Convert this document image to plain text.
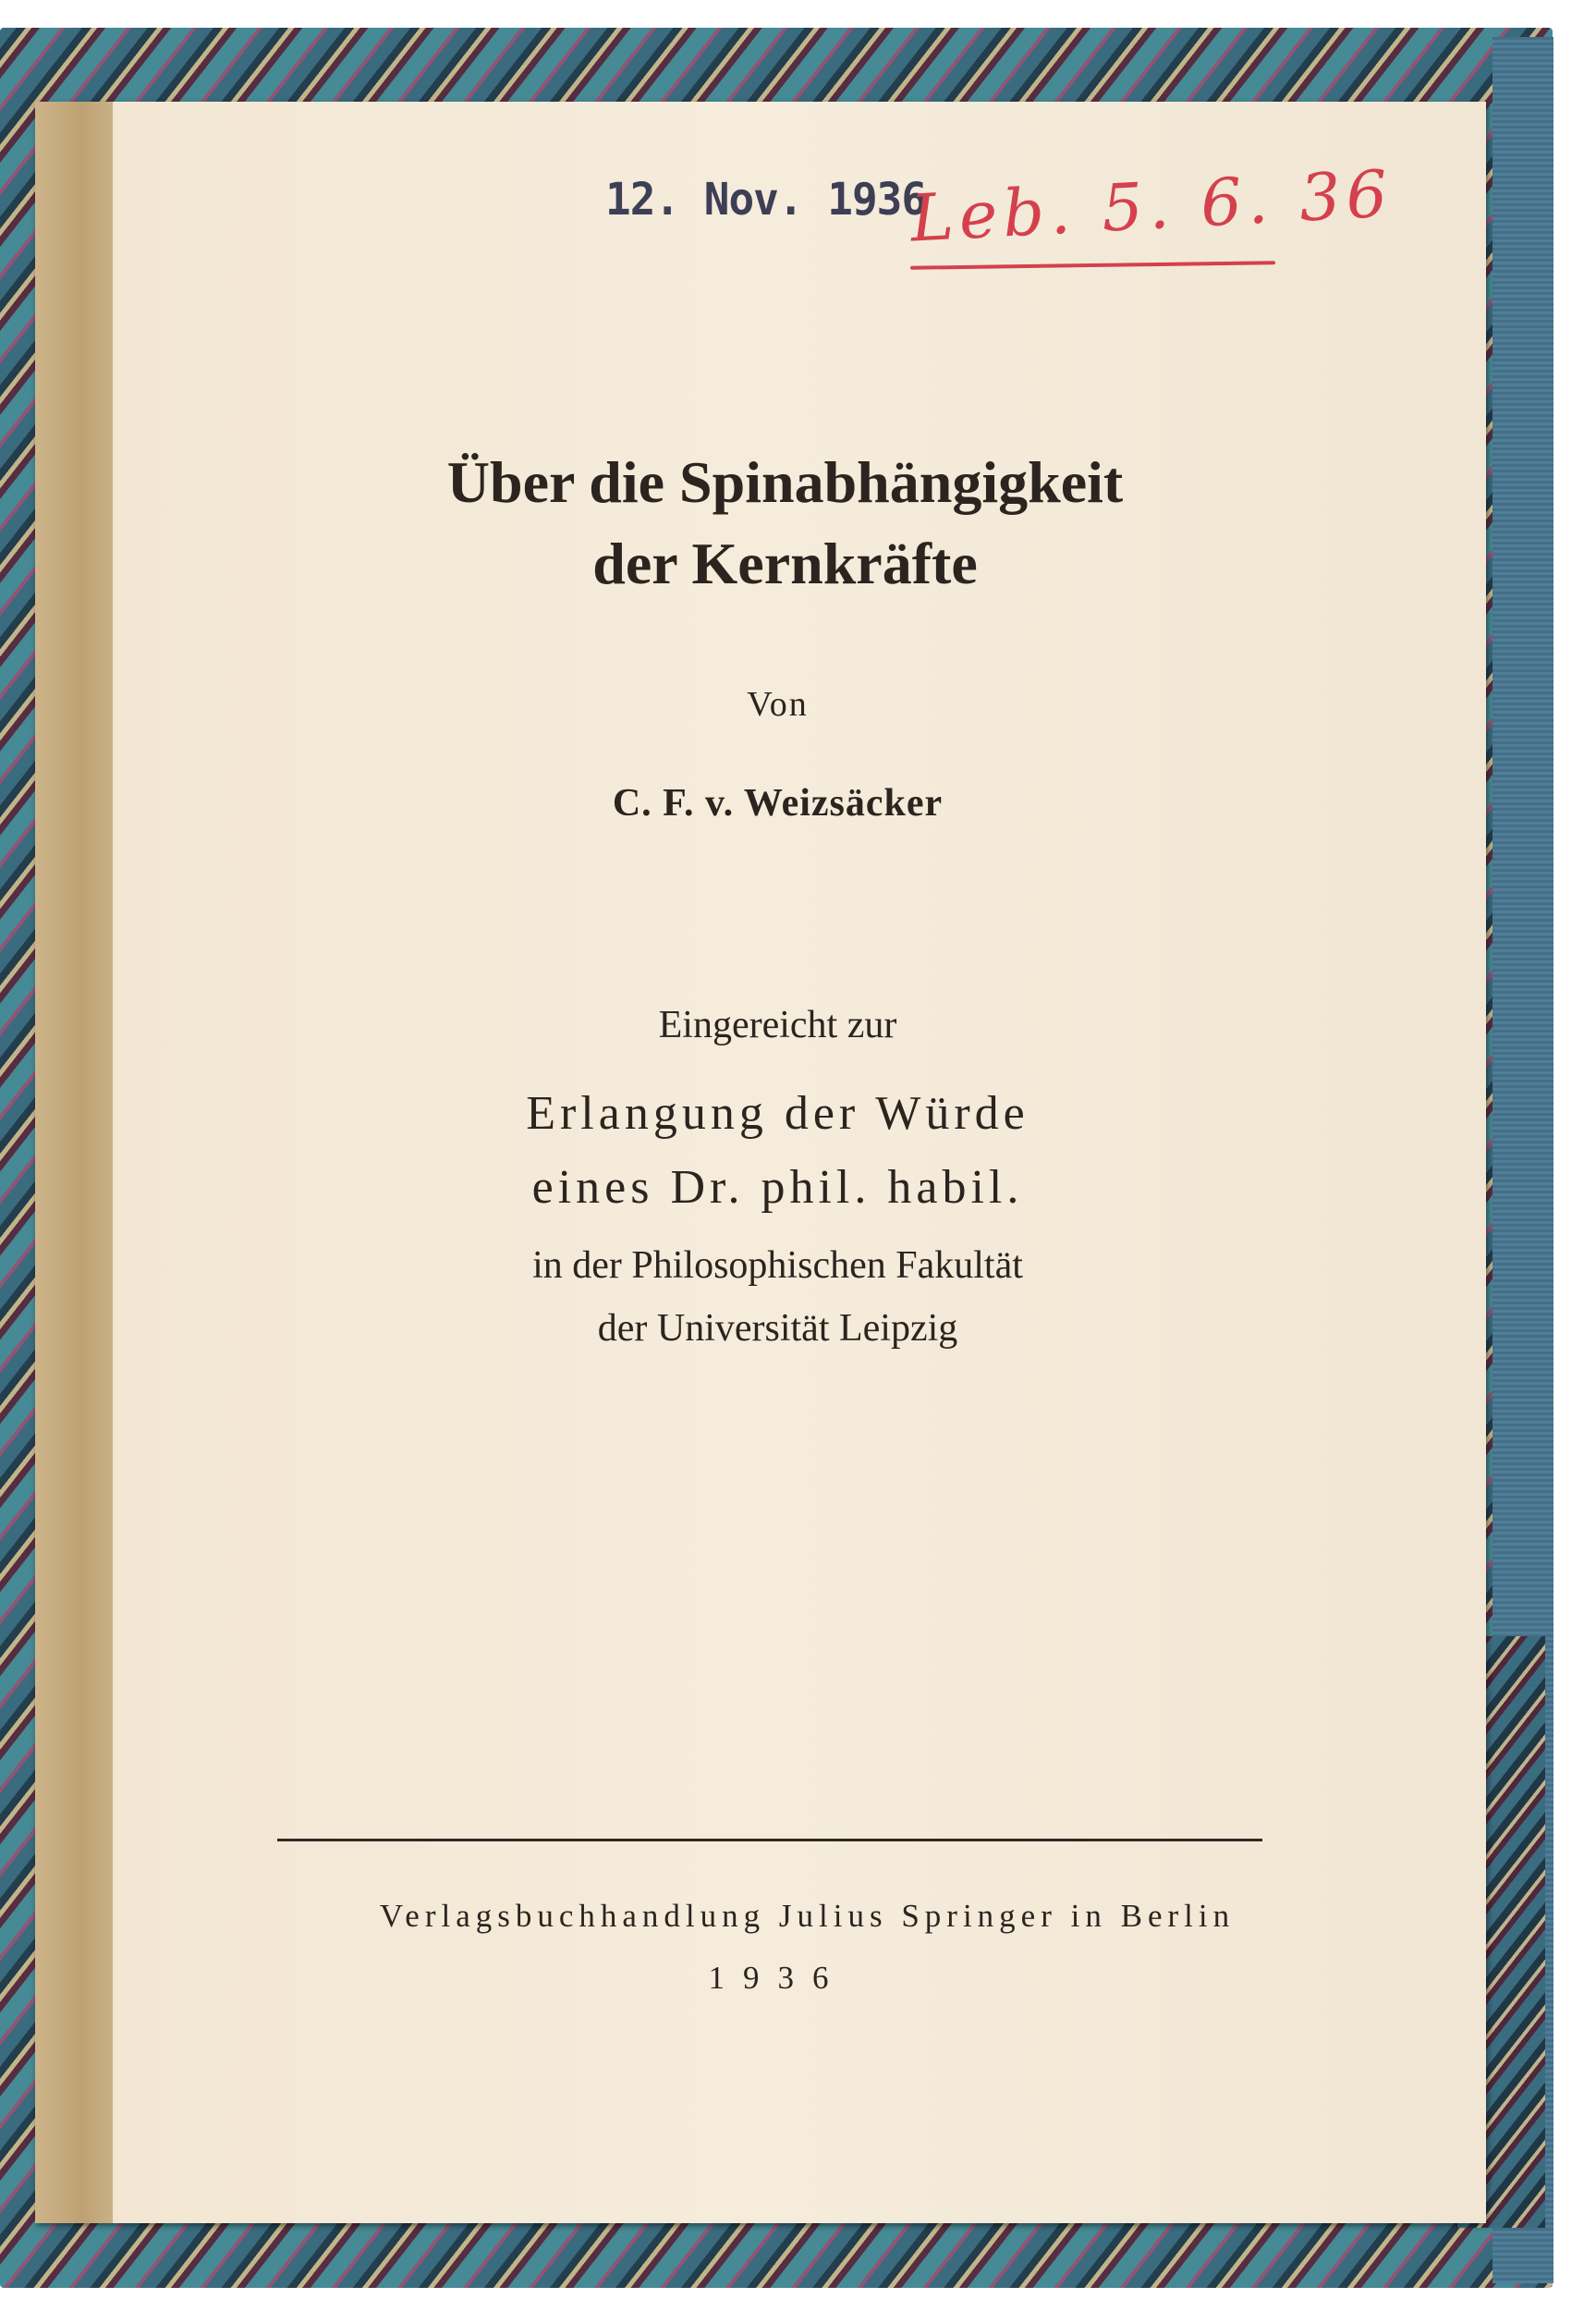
12. Nov. 1936
Leb. 5. 6. 36
Über die Spinabhängigkeit
der Kernkräfte
Von
C. F. v. Weizsäcker
Eingereicht zur
Erlangung der Würde
eines Dr. phil. habil.
in der Philosophischen Fakultät
der Universität Leipzig
Verlagsbuchhandlung Julius Springer in Berlin
1936
